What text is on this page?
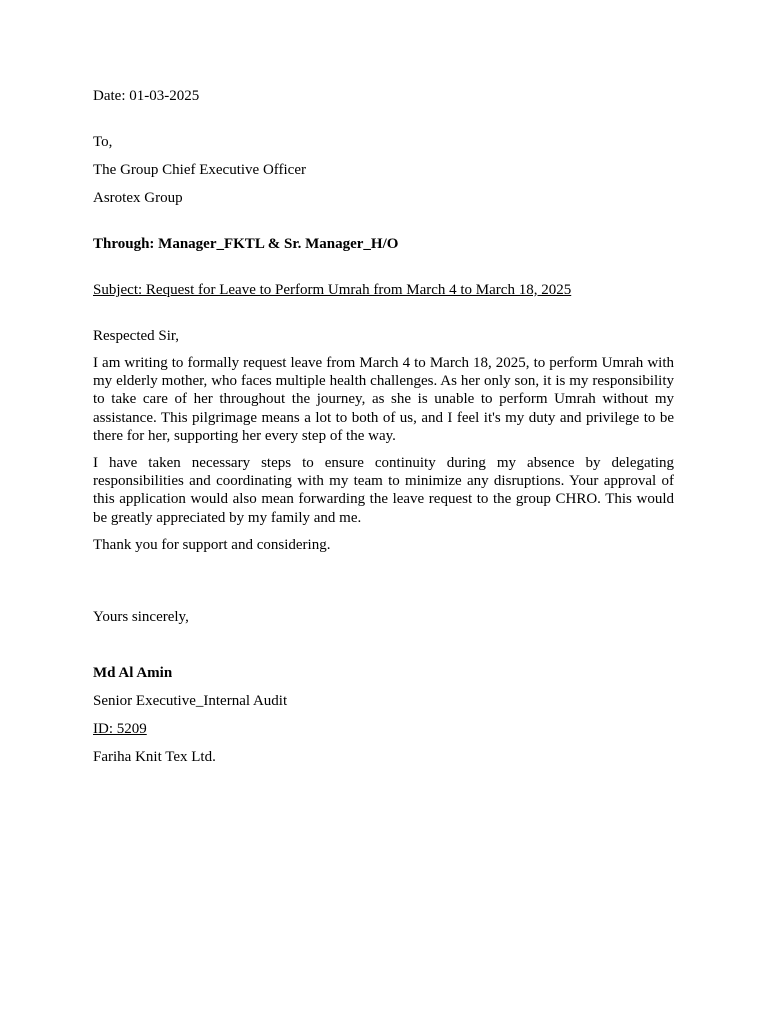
Date: 01-03-2025

To,

The Group Chief Executive Officer

Asrotex Group

Through: Manager_FKTL & Sr. Manager_H/O

Subject: Request for Leave to Perform Umrah from March 4 to March 18, 2025

Respected Sir,

I am writing to formally request leave from March 4 to March 18, 2025, to perform Umrah with my elderly mother, who faces multiple health challenges. As her only son, it is my responsibility to take care of her throughout the journey, as she is unable to perform Umrah without my assistance. This pilgrimage means a lot to both of us, and I feel it's my duty and privilege to be there for her, supporting her every step of the way.

I have taken necessary steps to ensure continuity during my absence by delegating responsibilities and coordinating with my team to minimize any disruptions. Your approval of this application would also mean forwarding the leave request to the group CHRO. This would be greatly appreciated by my family and me.

Thank you for support and considering.

Yours sincerely,

Md Al Amin

Senior Executive_Internal Audit

ID: 5209

Fariha Knit Tex Ltd.
